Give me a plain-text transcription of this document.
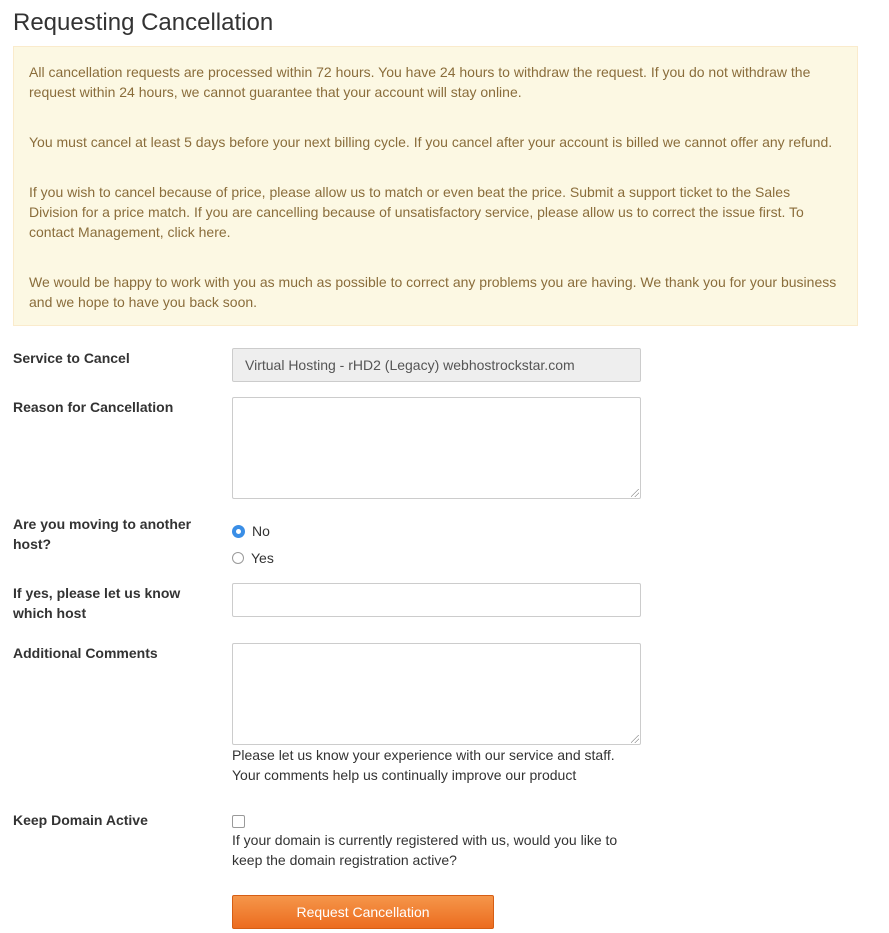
Requesting Cancellation

All cancellation requests are processed within 72 hours. You have 24 hours to withdraw the request. If you do not withdraw the request within 24 hours, we cannot guarantee that your account will stay online.

You must cancel at least 5 days before your next billing cycle. If you cancel after your account is billed we cannot offer any refund.

If you wish to cancel because of price, please allow us to match or even beat the price. Submit a support ticket to the Sales Division for a price match. If you are cancelling because of unsatisfactory service, please allow us to correct the issue first. To contact Management, click here.

We would be happy to work with you as much as possible to correct any problems you are having. We thank you for your business and we hope to have you back soon.

Service to Cancel	Virtual Hosting - rHD2 (Legacy) webhostrockstar.com
Reason for Cancellation
Are you moving to another host?
No
Yes
If yes, please let us know which host
Additional Comments
Please let us know your experience with our service and staff.
Your comments help us continually improve our product
Keep Domain Active
If your domain is currently registered with us, would you like to
keep the domain registration active?
Request Cancellation
